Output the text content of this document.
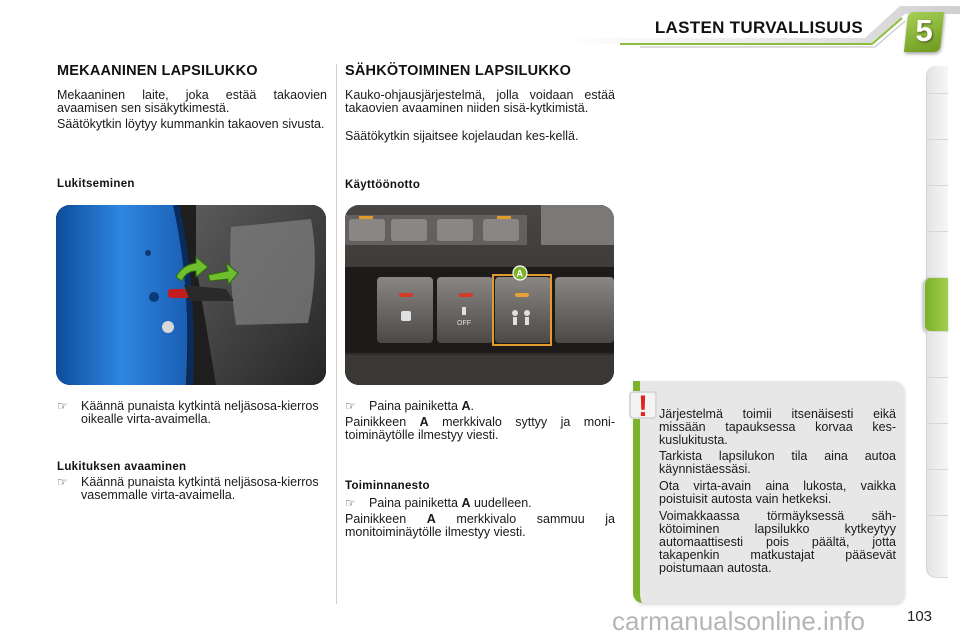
LASTEN TURVALLISUUS	5
MEKAANINEN LAPSILUKKO
Mekaaninen laite, joka estää takaovien avaamisen sen sisäkytkimestä.
Säätökytkin löytyy kummankin takaoven sivusta.
Lukitseminen
☞ Käännä punaista kytkintä neljäsosa-kierros oikealle virta-avaimella.
Lukituksen avaaminen
☞ Käännä punaista kytkintä neljäsosa-kierros vasemmalle virta-avaimella.
SÄHKÖTOIMINEN LAPSILUKKO
Kauko-ohjausjärjestelmä, jolla voidaan estää takaovien avaaminen niiden sisä-kytkimistä.
Säätökytkin sijaitsee kojelaudan kes-kellä.
Käyttöönotto
OFF
A
☞ Paina painiketta A.
Painikkeen A merkkivalo syttyy ja moni-toiminäytölle ilmestyy viesti.
Toiminnanesto
☞ Paina painiketta A uudelleen.
Painikkeen A merkkivalo sammuu ja monitoiminäytölle ilmestyy viesti.
! Järjestelmä toimii itsenäisesti eikä missään tapauksessa korvaa kes-kuslukitusta.
Tarkista lapsilukon tila aina autoa käynnistäessäsi.
Ota virta-avain aina lukosta, vaikka poistuisit autosta vain hetkeksi.
Voimakkaassa törmäyksessä säh-kötoiminen lapsilukko kytkeytyy automaattisesti pois päältä, jotta takapenkin matkustajat pääsevät poistumaan autosta.
carmanualsonline.info	103
